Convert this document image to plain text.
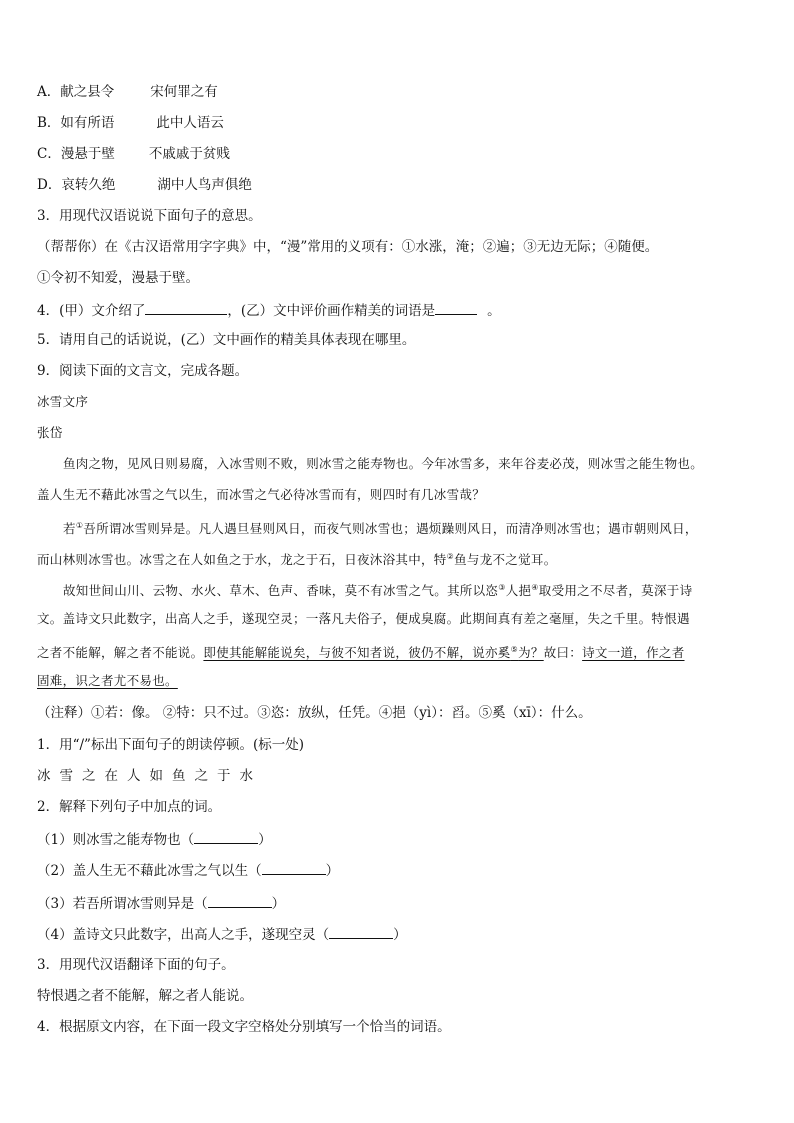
A．献之县令	宋何罪之有
B．如有所语	此中人语云
C．漫悬于壁	不戚戚于贫贱
D．哀转久绝	湖中人鸟声俱绝
3．用现代汉语说说下面句子的意思。
（帮帮你）在《古汉语常用字字典》中，“漫”常用的义项有：①水涨，淹；②遍；③无边无际；④随便。
①令初不知爱，漫悬于壁。
4．(甲）文介绍了	，(乙）文中评价画作精美的词语是	。
5．请用自己的话说说，(乙）文中画作的精美具体表现在哪里。
9．阅读下面的文言文，完成各题。
冰雪文序
张岱
鱼肉之物，见风日则易腐，入冰雪则不败，则冰雪之能寿物也。今年冰雪多，来年谷麦必茂，则冰雪之能生物也。
盖人生无不藉此冰雪之气以生，而冰雪之气必待冰雪而有，则四时有几冰雪哉？
若①吾所谓冰雪则异是。凡人遇旦昼则风日，而夜气则冰雪也；遇烦躁则风日，而清净则冰雪也；遇市朝则风日，
而山林则冰雪也。冰雪之在人如鱼之于水，龙之于石，日夜沐浴其中，特②鱼与龙不之觉耳。
故知世间山川、云物、水火、草木、色声、香味，莫不有冰雪之气。其所以恣③人挹④取受用之不尽者，莫深于诗
文。盖诗文只此数字，出高人之手，遂现空灵；一落凡夫俗子，便成臭腐。此期间真有差之毫厘，失之千里。特恨遇
之者不能解，解之者不能说。即使其能解能说矣，与彼不知者说，彼仍不解，说亦奚⑤为？故曰：诗文一道，作之者
固难，识之者尤不易也。
（注释）①若：像。 ②特：只不过。③恣：放纵，任凭。④挹（yì）：舀。⑤奚（xī）：什么。
1．用“/”标出下面句子的朗读停顿。(标一处)
冰雪之在人如鱼之于水
2．解释下列句子中加点的词。
（1）则冰雪之能寿物也（	）
（2）盖人生无不藉此冰雪之气以生（	）
（3）若吾所谓冰雪则异是（	）
（4）盖诗文只此数字，出高人之手，遂现空灵（	）
3．用现代汉语翻译下面的句子。
特恨遇之者不能解，解之者人能说。
4．根据原文内容，在下面一段文字空格处分别填写一个恰当的词语。
